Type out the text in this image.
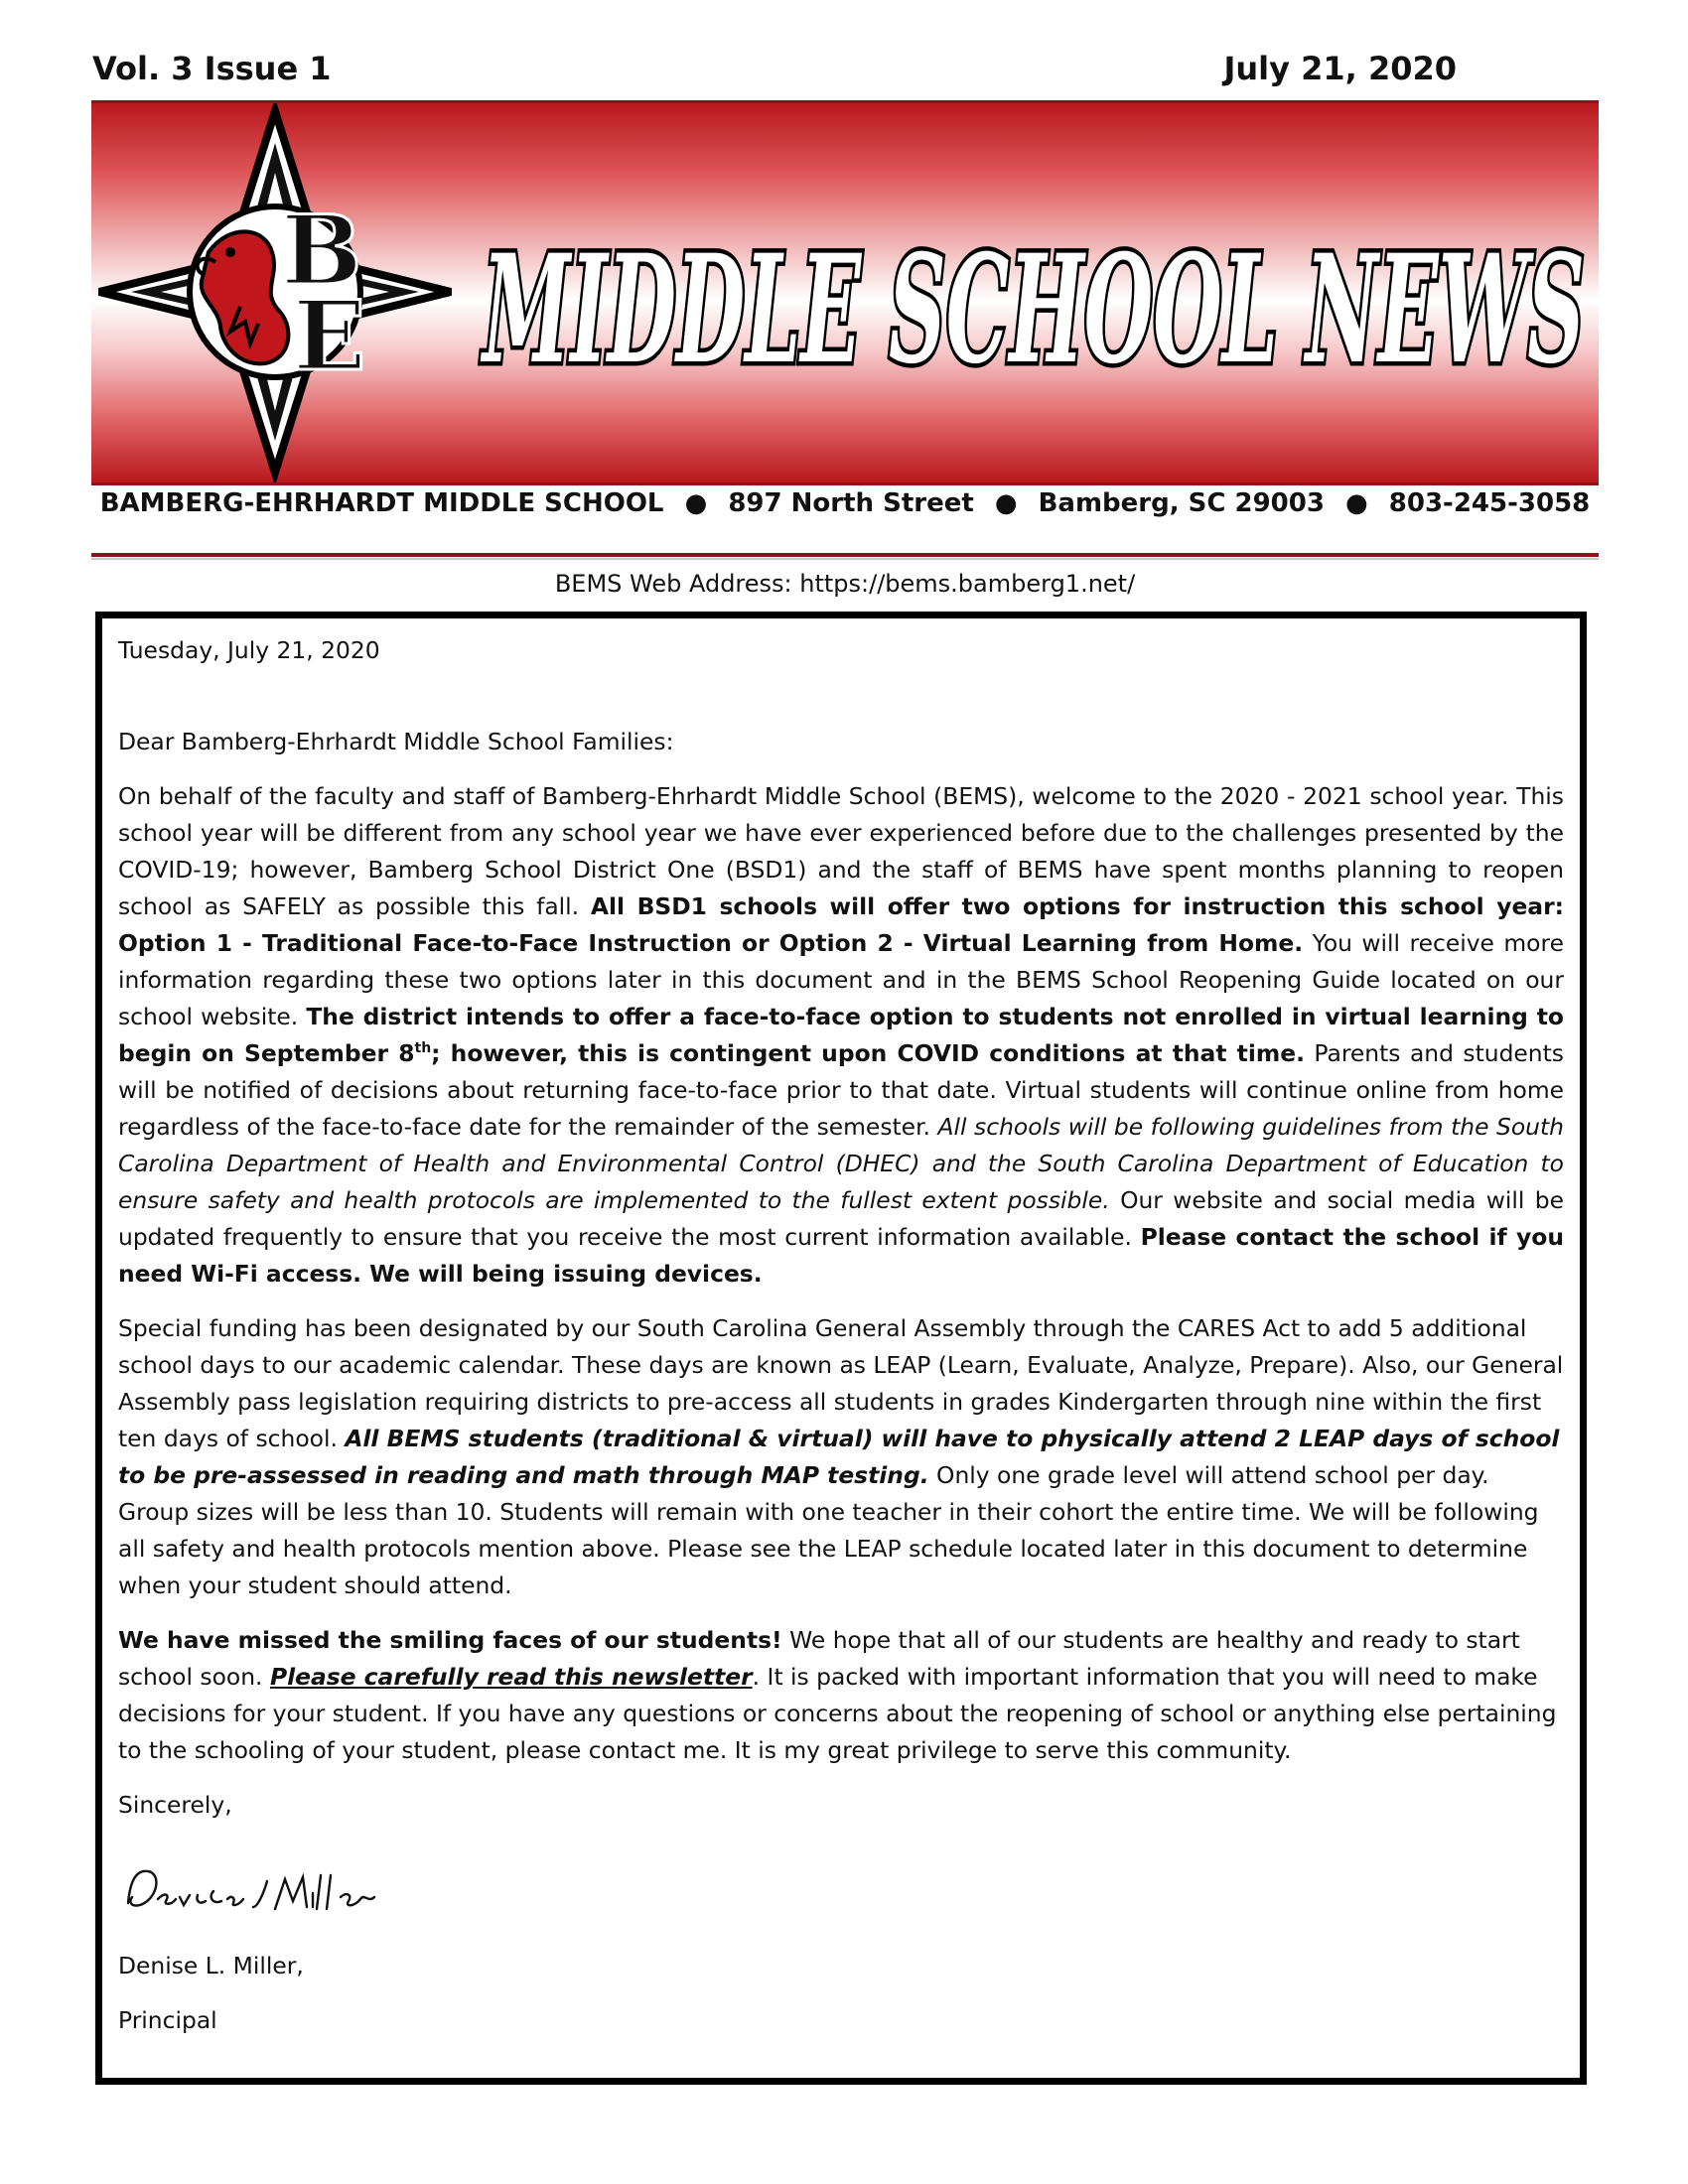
Vol. 3 Issue 1	July 21, 2020
B
E MIDDLE SCHOOL NEWS
BAMBERG-EHRHARDT MIDDLE SCHOOL ● 897 North Street ● Bamberg, SC 29003 ● 803-245-3058
BEMS Web Address: https://bems.bamberg1.net/

Tuesday, July 21, 2020

Dear Bamberg-Ehrhardt Middle School Families:

On behalf of the faculty and staff of Bamberg-Ehrhardt Middle School (BEMS), welcome to the 2020 - 2021 school year. This school year will be different from any school year we have ever experienced before due to the challenges presented by the COVID-19; however, Bamberg School District One (BSD1) and the staff of BEMS have spent months planning to reopen school as SAFELY as possible this fall. All BSD1 schools will offer two options for instruction this school year: Option 1 - Traditional Face-to-Face Instruction or Option 2 - Virtual Learning from Home. You will receive more information regarding these two options later in this document and in the BEMS School Reopening Guide located on our school website. The district intends to offer a face-to-face option to students not enrolled in virtual learning to begin on September 8th; however, this is contingent upon COVID conditions at that time. Parents and students will be notified of decisions about returning face-to-face prior to that date. Virtual students will continue online from home regardless of the face-to-face date for the remainder of the semester. All schools will be following guidelines from the South Carolina Department of Health and Environmental Control (DHEC) and the South Carolina Department of Education to ensure safety and health protocols are implemented to the fullest extent possible. Our website and social media will be updated frequently to ensure that you receive the most current information available. Please contact the school if you need Wi-Fi access. We will being issuing devices.

Special funding has been designated by our South Carolina General Assembly through the CARES Act to add 5 additional school days to our academic calendar. These days are known as LEAP (Learn, Evaluate, Analyze, Prepare). Also, our General Assembly pass legislation requiring districts to pre-access all students in grades Kindergarten through nine within the first ten days of school. All BEMS students (traditional & virtual) will have to physically attend 2 LEAP days of school to be pre-assessed in reading and math through MAP testing. Only one grade level will attend school per day. Group sizes will be less than 10. Students will remain with one teacher in their cohort the entire time. We will be following all safety and health protocols mention above. Please see the LEAP schedule located later in this document to determine when your student should attend.

We have missed the smiling faces of our students! We hope that all of our students are healthy and ready to start school soon. Please carefully read this newsletter. It is packed with important information that you will need to make decisions for your student. If you have any questions or concerns about the reopening of school or anything else pertaining to the schooling of your student, please contact me. It is my great privilege to serve this community.

Sincerely,

Denise L. Miller,

Principal
